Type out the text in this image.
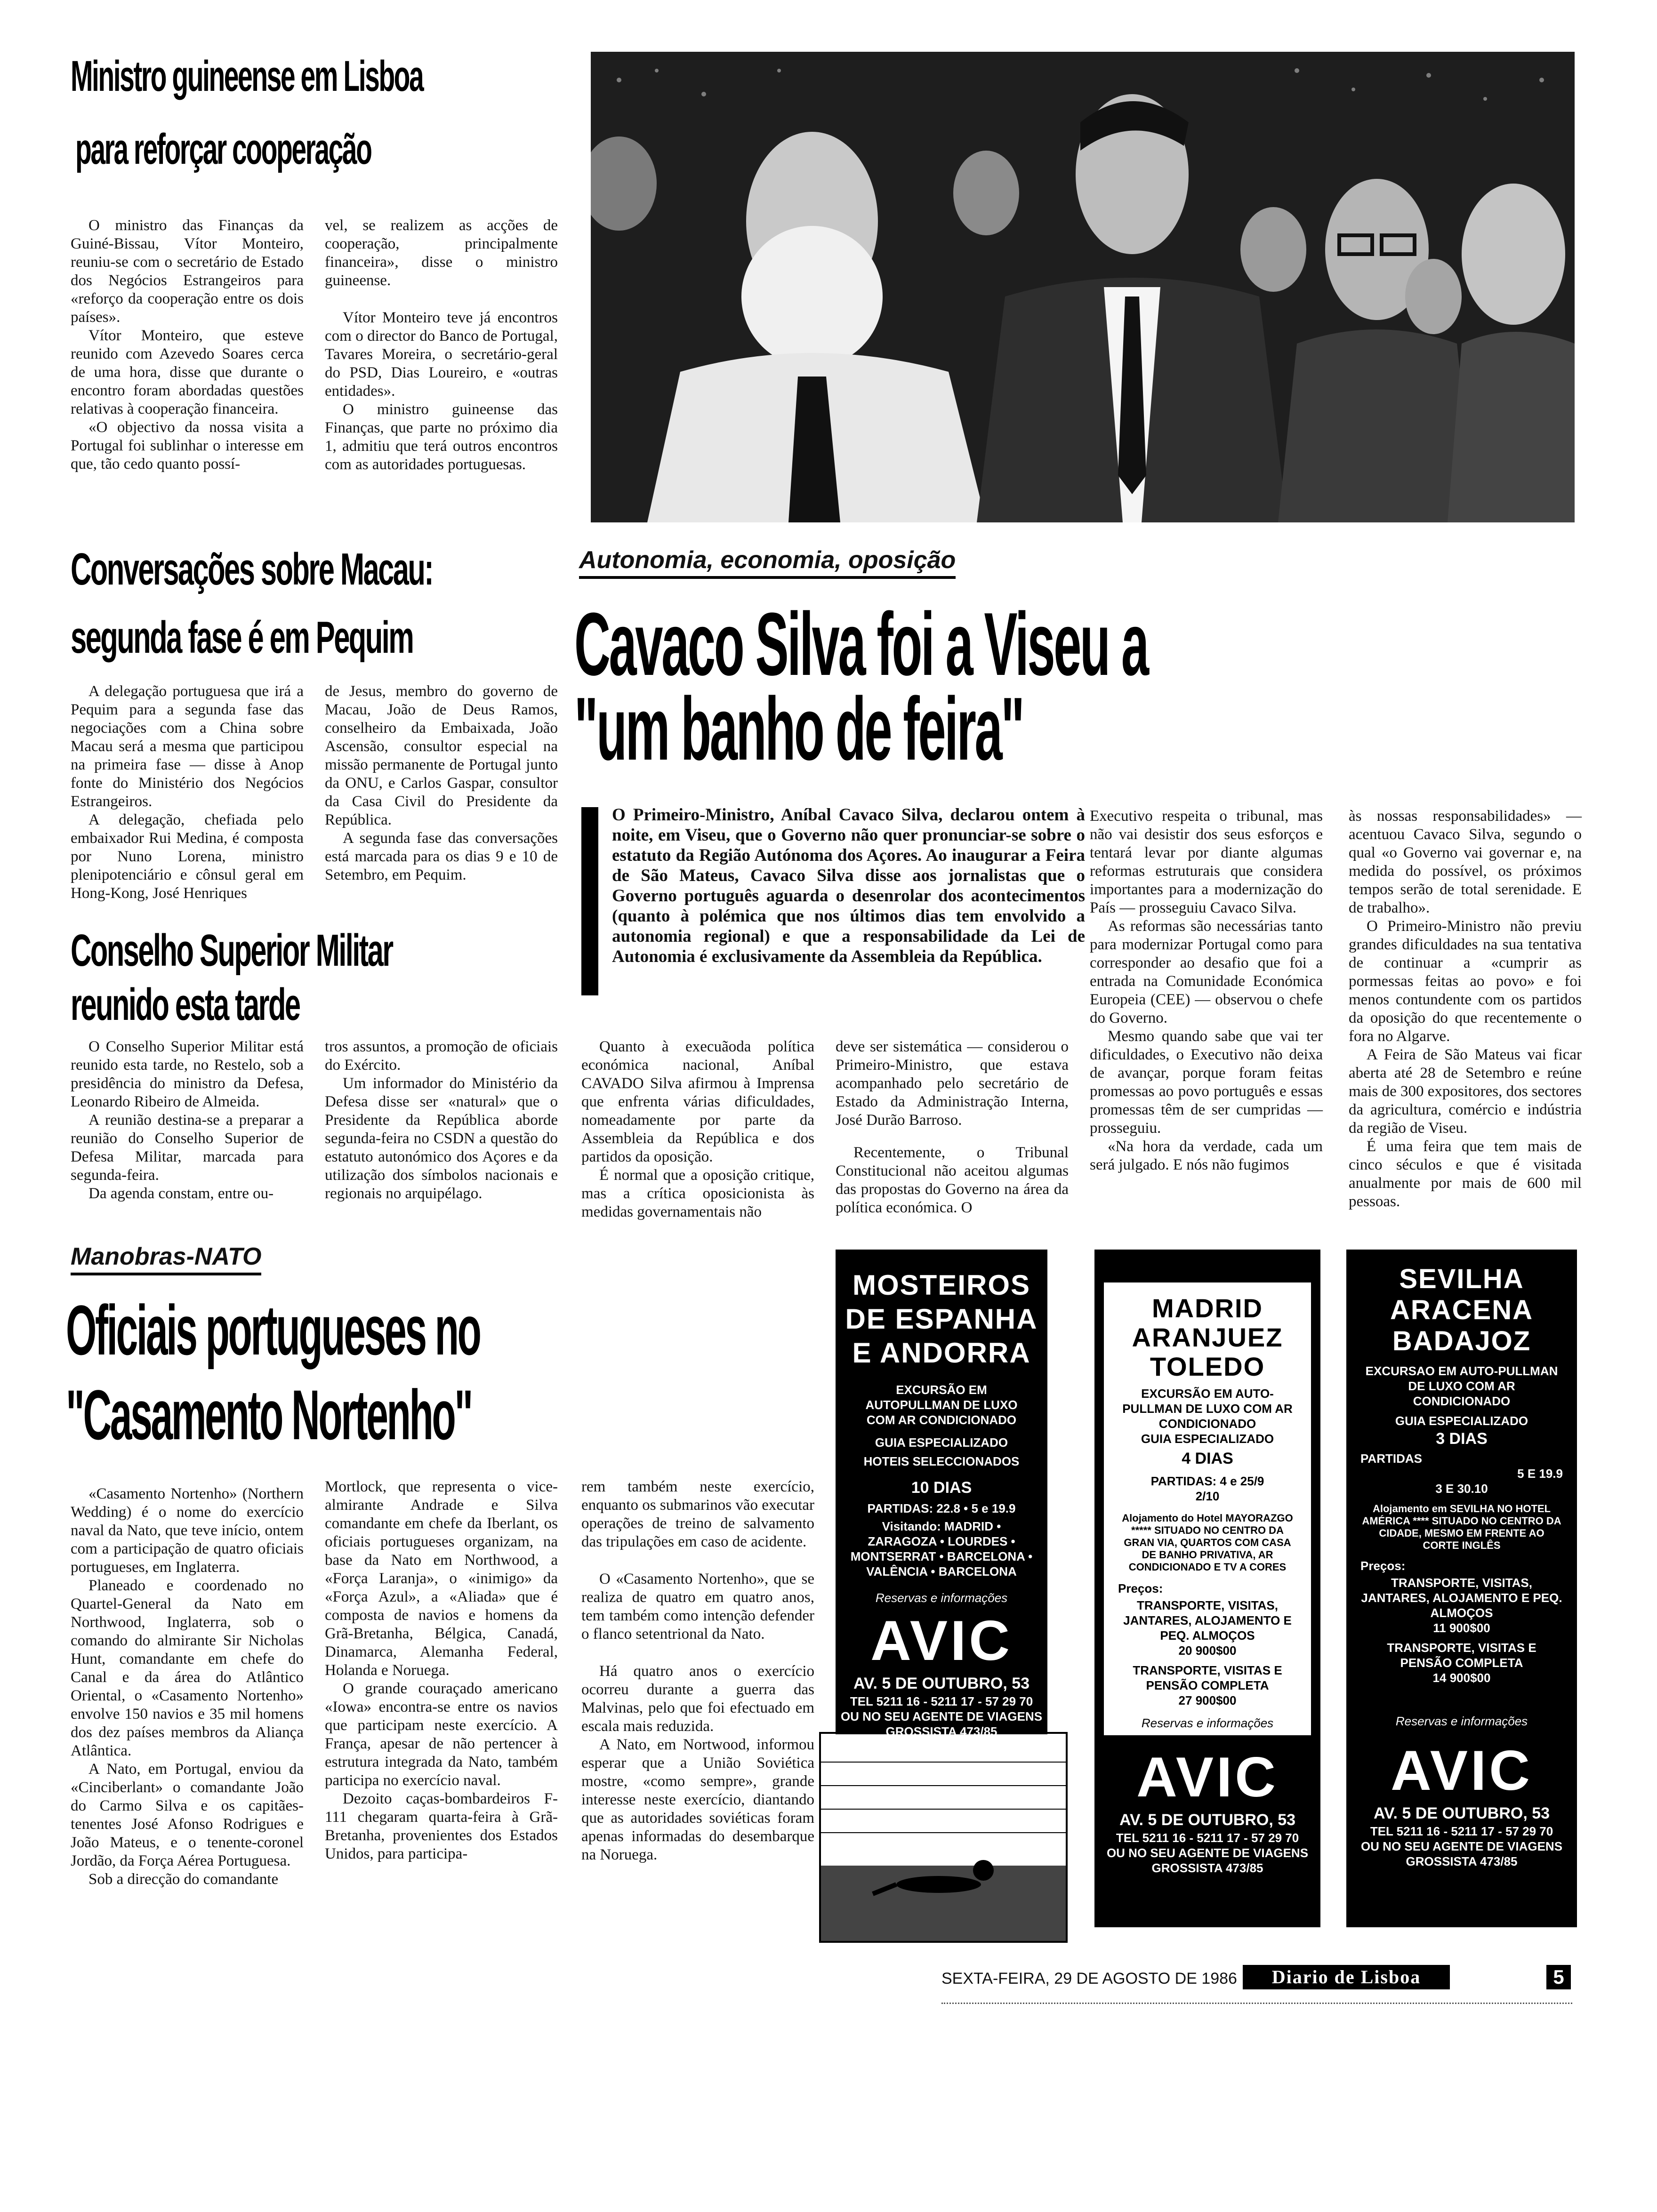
Ministro guineense em Lisboa
para reforçar cooperação

O ministro das Finanças da Guiné-Bissau, Vítor Monteiro, reuniu-se com o secretário de Estado dos Negócios Estrangeiros para «reforço da cooperação entre os dois países».

Vítor Monteiro, que esteve reunido com Azevedo Soares cerca de uma hora, disse que durante o encontro foram abordadas questões relativas à cooperação financeira.

«O objectivo da nossa visita a Portugal foi sublinhar o interesse em que, tão cedo quanto possí-

vel, se realizem as acções de cooperação, principalmente financeira», disse o ministro guineense.

Vítor Monteiro teve já encontros com o director do Banco de Portugal, Tavares Moreira, o secretário-geral do PSD, Dias Loureiro, e «outras entidades».

O ministro guineense das Finanças, que parte no próximo dia 1, admitiu que terá outros encontros com as autoridades portuguesas.

Conversações sobre Macau:
segunda fase é em Pequim

A delegação portuguesa que irá a Pequim para a segunda fase das negociações com a China sobre Macau será a mesma que participou na primeira fase — disse à Anop fonte do Ministério dos Negócios Estrangeiros.

A delegação, chefiada pelo embaixador Rui Medina, é composta por Nuno Lorena, ministro plenipotenciário e cônsul geral em Hong-Kong, José Henriques

de Jesus, membro do governo de Macau, João de Deus Ramos, conselheiro da Embaixada, João Ascensão, consultor especial na missão permanente de Portugal junto da ONU, e Carlos Gaspar, consultor da Casa Civil do Presidente da República.

A segunda fase das conversações está marcada para os dias 9 e 10 de Setembro, em Pequim.

Conselho Superior Militar
reunido esta tarde

O Conselho Superior Militar está reunido esta tarde, no Restelo, sob a presidência do ministro da Defesa, Leonardo Ribeiro de Almeida.

A reunião destina-se a preparar a reunião do Conselho Superior de Defesa Militar, marcada para segunda-feira.

Da agenda constam, entre ou-

tros assuntos, a promoção de oficiais do Exército.

Um informador do Ministério da Defesa disse ser «natural» que o Presidente da República aborde segunda-feira no CSDN a questão do estatuto autonómico dos Açores e da utilização dos símbolos nacionais e regionais no arquipélago.

Autonomia, economia, oposição
Cavaco Silva foi a Viseu a
"um banho de feira"
O Primeiro-Ministro, Aníbal Cavaco Silva, declarou ontem à noite, em Viseu, que o Governo não quer pronunciar-se sobre o estatuto da Região Autónoma dos Açores. Ao inaugurar a Feira de São Mateus, Cavaco Silva disse aos jornalistas que o Governo português aguarda o desenrolar dos acontecimentos (quanto à polémica que nos últimos dias tem envolvido a autonomia regional) e que a responsabilidade da Lei de Autonomia é exclusivamente da Assembleia da República.

Quanto à execuãoda política económica nacional, Aníbal CAVADO Silva afirmou à Imprensa que enfrenta várias dificuldades, nomeadamente por parte da Assembleia da República e dos partidos da oposição.

É normal que a oposição critique, mas a crítica oposicionista às medidas governamentais não

deve ser sistemática — considerou o Primeiro-Ministro, que estava acompanhado pelo secretário de Estado da Administração Interna, José Durão Barroso.

Recentemente, o Tribunal Constitucional não aceitou algumas das propostas do Governo na área da política económica. O

Executivo respeita o tribunal, mas não vai desistir dos seus esforços e tentará levar por diante algumas reformas estruturais que considera importantes para a modernização do País — prosseguiu Cavaco Silva.

As reformas são necessárias tanto para modernizar Portugal como para corresponder ao desafio que foi a entrada na Comunidade Económica Europeia (CEE) — observou o chefe do Governo.

Mesmo quando sabe que vai ter dificuldades, o Executivo não deixa de avançar, porque foram feitas promessas ao povo português e essas promessas têm de ser cumpridas — prosseguiu.

«Na hora da verdade, cada um será julgado. E nós não fugimos

às nossas responsabilidades» — acentuou Cavaco Silva, segundo o qual «o Governo vai governar e, na medida do possível, os próximos tempos serão de total serenidade. E de trabalho».

O Primeiro-Ministro não previu grandes dificuldades na sua tentativa de continuar a «cumprir as pormessas feitas ao povo» e foi menos contundente com os partidos da oposição do que recentemente o fora no Algarve.

A Feira de São Mateus vai ficar aberta até 28 de Setembro e reúne mais de 300 expositores, dos sectores da agricultura, comércio e indústria da região de Viseu.

É uma feira que tem mais de cinco séculos e que é visitada anualmente por mais de 600 mil pessoas.

Manobras-NATO
Oficiais portugueses no
"Casamento Nortenho"

«Casamento Nortenho» (Northern Wedding) é o nome do exercício naval da Nato, que teve início, ontem com a participação de quatro oficiais portugueses, em Inglaterra.

Planeado e coordenado no Quartel-General da Nato em Northwood, Inglaterra, sob o comando do almirante Sir Nicholas Hunt, comandante em chefe do Canal e da área do Atlântico Oriental, o «Casamento Nortenho» envolve 150 navios e 35 mil homens dos dez países membros da Aliança Atlântica.

A Nato, em Portugal, enviou da «Cinciberlant» o comandante João do Carmo Silva e os capitães-tenentes José Afonso Rodrigues e João Mateus, e o tenente-coronel Jordão, da Força Aérea Portuguesa.

Sob a direcção do comandante

Mortlock, que representa o vice-almirante Andrade e Silva comandante em chefe da Iberlant, os oficiais portugueses organizam, na base da Nato em Northwood, a «Força Laranja», o «inimigo» da «Força Azul», a «Aliada» que é composta de navios e homens da Grã-Bretanha, Bélgica, Canadá, Dinamarca, Alemanha Federal, Holanda e Noruega.

O grande couraçado americano «Iowa» encontra-se entre os navios que participam neste exercício. A França, apesar de não pertencer à estrutura integrada da Nato, também participa no exercício naval.

Dezoito caças-bombardeiros F-111 chegaram quarta-feira à Grã-Bretanha, provenientes dos Estados Unidos, para participa-

rem também neste exercício, enquanto os submarinos vão executar operações de treino de salvamento das tripulações em caso de acidente.

O «Casamento Nortenho», que se realiza de quatro em quatro anos, tem também como intenção defender o flanco setentrional da Nato.

Há quatro anos o exercício ocorreu durante a guerra das Malvinas, pelo que foi efectuado em escala mais reduzida.

A Nato, em Nortwood, informou esperar que a União Soviética mostre, «como sempre», grande interesse neste exercício, diantando que as autoridades soviéticas foram apenas informadas do desembarque na Noruega.

MOSTEIROS
DE ESPANHA
E ANDORRA
EXCURSÃO EM AUTOPULLMAN DE LUXO COM AR CONDICIONADO
GUIA ESPECIALIZADO
HOTEIS SELECCIONADOS
10 DIAS
PARTIDAS: 22.8 • 5 e 19.9
Visitando: MADRID • ZARAGOZA • LOURDES • MONTSERRAT • BARCELONA • VALÊNCIA • BARCELONA
Reservas e informações
AVIC
AV. 5 DE OUTUBRO, 53
TEL 5211 16 - 5211 17 - 57 29 70
OU NO SEU AGENTE DE VIAGENS
GROSSISTA 473/85
MADRID
ARANJUEZ
TOLEDO
EXCURSÃO EM AUTO-PULLMAN DE LUXO COM AR CONDICIONADO
GUIA ESPECIALIZADO
4 DIAS
PARTIDAS: 4 e 25/9
2/10
Alojamento do Hotel MAYORAZGO ***** SITUADO NO CENTRO DA GRAN VIA, QUARTOS COM CASA DE BANHO PRIVATIVA, AR CONDICIONADO E TV A CORES
Preços:
TRANSPORTE, VISITAS, JANTARES, ALOJAMENTO E PEQ. ALMOÇOS
20 900$00
TRANSPORTE, VISITAS E PENSÃO COMPLETA
27 900$00
Reservas e informações
AVIC
AV. 5 DE OUTUBRO, 53
TEL 5211 16 - 5211 17 - 57 29 70
OU NO SEU AGENTE DE VIAGENS
GROSSISTA 473/85
SEVILHA
ARACENA
BADAJOZ
EXCURSAO EM AUTO-PULLMAN DE LUXO COM AR CONDICIONADO
GUIA ESPECIALIZADO
3 DIAS
PARTIDAS
5 E 19.9
3 E 30.10
Alojamento em SEVILHA NO HOTEL AMÉRICA **** SITUADO NO CENTRO DA CIDADE, MESMO EM FRENTE AO CORTE INGLÊS
Preços:
TRANSPORTE, VISITAS, JANTARES, ALOJAMENTO E PEQ. ALMOÇOS
11 900$00
TRANSPORTE, VISITAS E PENSÃO COMPLETA
14 900$00
Reservas e informações
AVIC
AV. 5 DE OUTUBRO, 53
TEL 5211 16 - 5211 17 - 57 29 70
OU NO SEU AGENTE DE VIAGENS
GROSSISTA 473/85
SEXTA-FEIRA, 29 DE AGOSTO DE 1986	Diario de Lisboa	5
